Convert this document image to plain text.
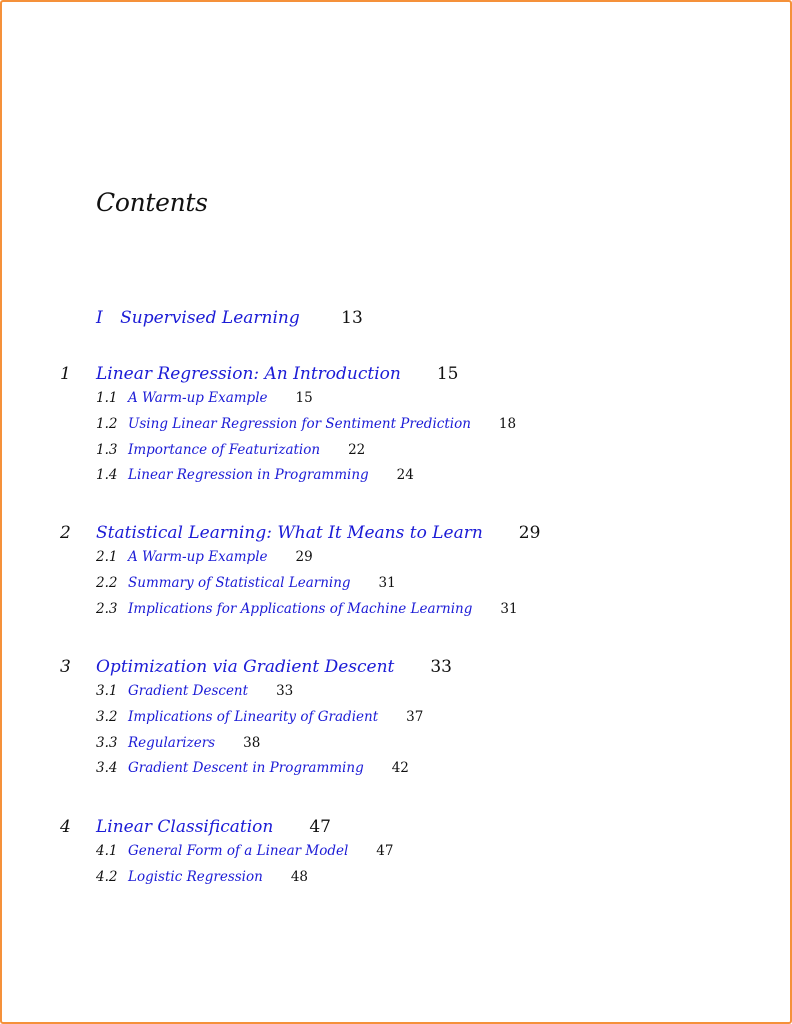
Contents
I Supervised Learning 13
1 Linear Regression: An Introduction 15
1.1 A Warm-up Example 15
1.2 Using Linear Regression for Sentiment Prediction 18
1.3 Importance of Featurization 22
1.4 Linear Regression in Programming 24
2 Statistical Learning: What It Means to Learn 29
2.1 A Warm-up Example 29
2.2 Summary of Statistical Learning 31
2.3 Implications for Applications of Machine Learning 31
3 Optimization via Gradient Descent 33
3.1 Gradient Descent 33
3.2 Implications of Linearity of Gradient 37
3.3 Regularizers 38
3.4 Gradient Descent in Programming 42
4 Linear Classification 47
4.1 General Form of a Linear Model 47
4.2 Logistic Regression 48
